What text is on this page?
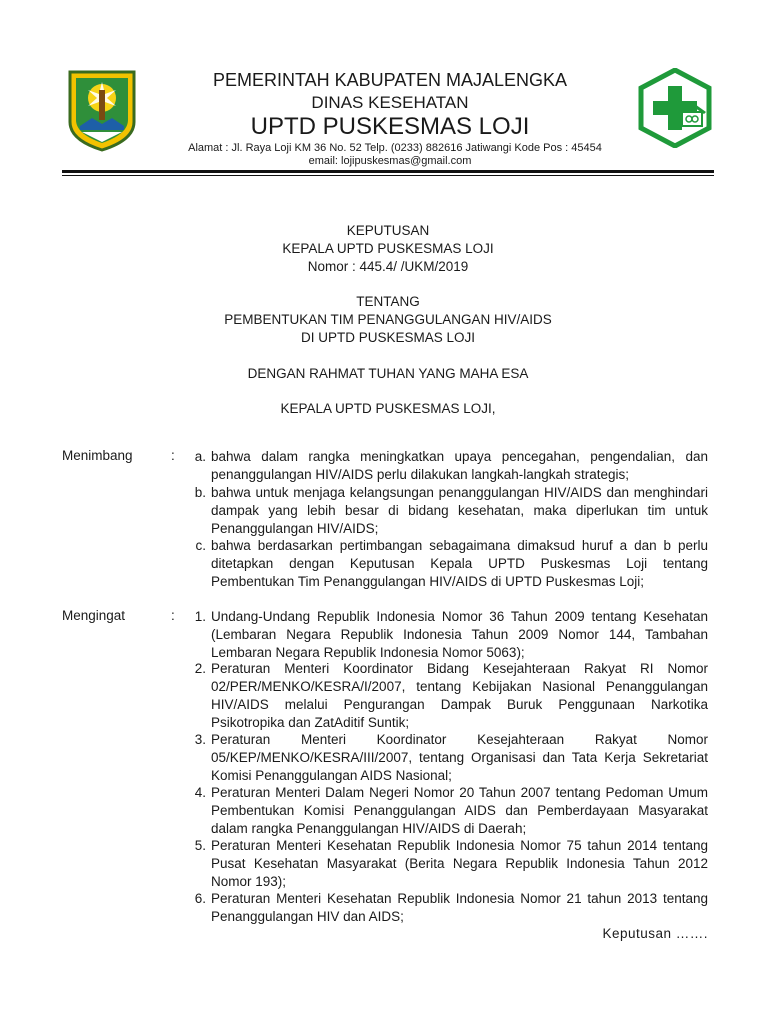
PEMERINTAH KABUPATEN MAJALENGKA
DINAS KESEHATAN
UPTD PUSKESMAS LOJI
Alamat : Jl. Raya Loji KM 36 No. 52 Telp. (0233) 882616 Jatiwangi Kode Pos : 45454
email: lojipuskesmas@gmail.com
KEPUTUSAN
KEPALA UPTD PUSKESMAS LOJI
Nomor : 445.4/ /UKM/2019
TENTANG
PEMBENTUKAN TIM PENANGGULANGAN HIV/AIDS
DI UPTD PUSKESMAS LOJI
DENGAN RAHMAT TUHAN YANG MAHA ESA
KEPALA UPTD PUSKESMAS LOJI,
Menimbang	:	a. bahwa dalam rangka meningkatkan upaya pencegahan, pengendalian, dan penanggulangan HIV/AIDS perlu dilakukan langkah-langkah strategis;
b. bahwa untuk menjaga kelangsungan penanggulangan HIV/AIDS dan menghindari dampak yang lebih besar di bidang kesehatan, maka diperlukan tim untuk Penanggulangan HIV/AIDS;
c. bahwa berdasarkan pertimbangan sebagaimana dimaksud huruf a dan b perlu ditetapkan dengan Keputusan Kepala UPTD Puskesmas Loji tentang Pembentukan Tim Penanggulangan HIV/AIDS di UPTD Puskesmas Loji;
Mengingat	:	1. Undang-Undang Republik Indonesia Nomor 36 Tahun 2009 tentang Kesehatan (Lembaran Negara Republik Indonesia Tahun 2009 Nomor 144, Tambahan Lembaran Negara Republik Indonesia Nomor 5063);
2. Peraturan Menteri Koordinator Bidang Kesejahteraan Rakyat RI Nomor 02/PER/MENKO/KESRA/I/2007, tentang Kebijakan Nasional Penanggulangan HIV/AIDS melalui Pengurangan Dampak Buruk Penggunaan Narkotika Psikotropika dan ZatAditif Suntik;
3. Peraturan Menteri Koordinator Kesejahteraan Rakyat Nomor 05/KEP/MENKO/KESRA/III/2007, tentang Organisasi dan Tata Kerja Sekretariat Komisi Penanggulangan AIDS Nasional;
4. Peraturan Menteri Dalam Negeri Nomor 20 Tahun 2007 tentang Pedoman Umum Pembentukan Komisi Penanggulangan AIDS dan Pemberdayaan Masyarakat dalam rangka Penanggulangan HIV/AIDS di Daerah;
5. Peraturan Menteri Kesehatan Republik Indonesia Nomor 75 tahun 2014 tentang Pusat Kesehatan Masyarakat (Berita Negara Republik Indonesia Tahun 2012 Nomor 193);
6. Peraturan Menteri Kesehatan Republik Indonesia Nomor 21 tahun 2013 tentang Penanggulangan HIV dan AIDS;
Keputusan …….
